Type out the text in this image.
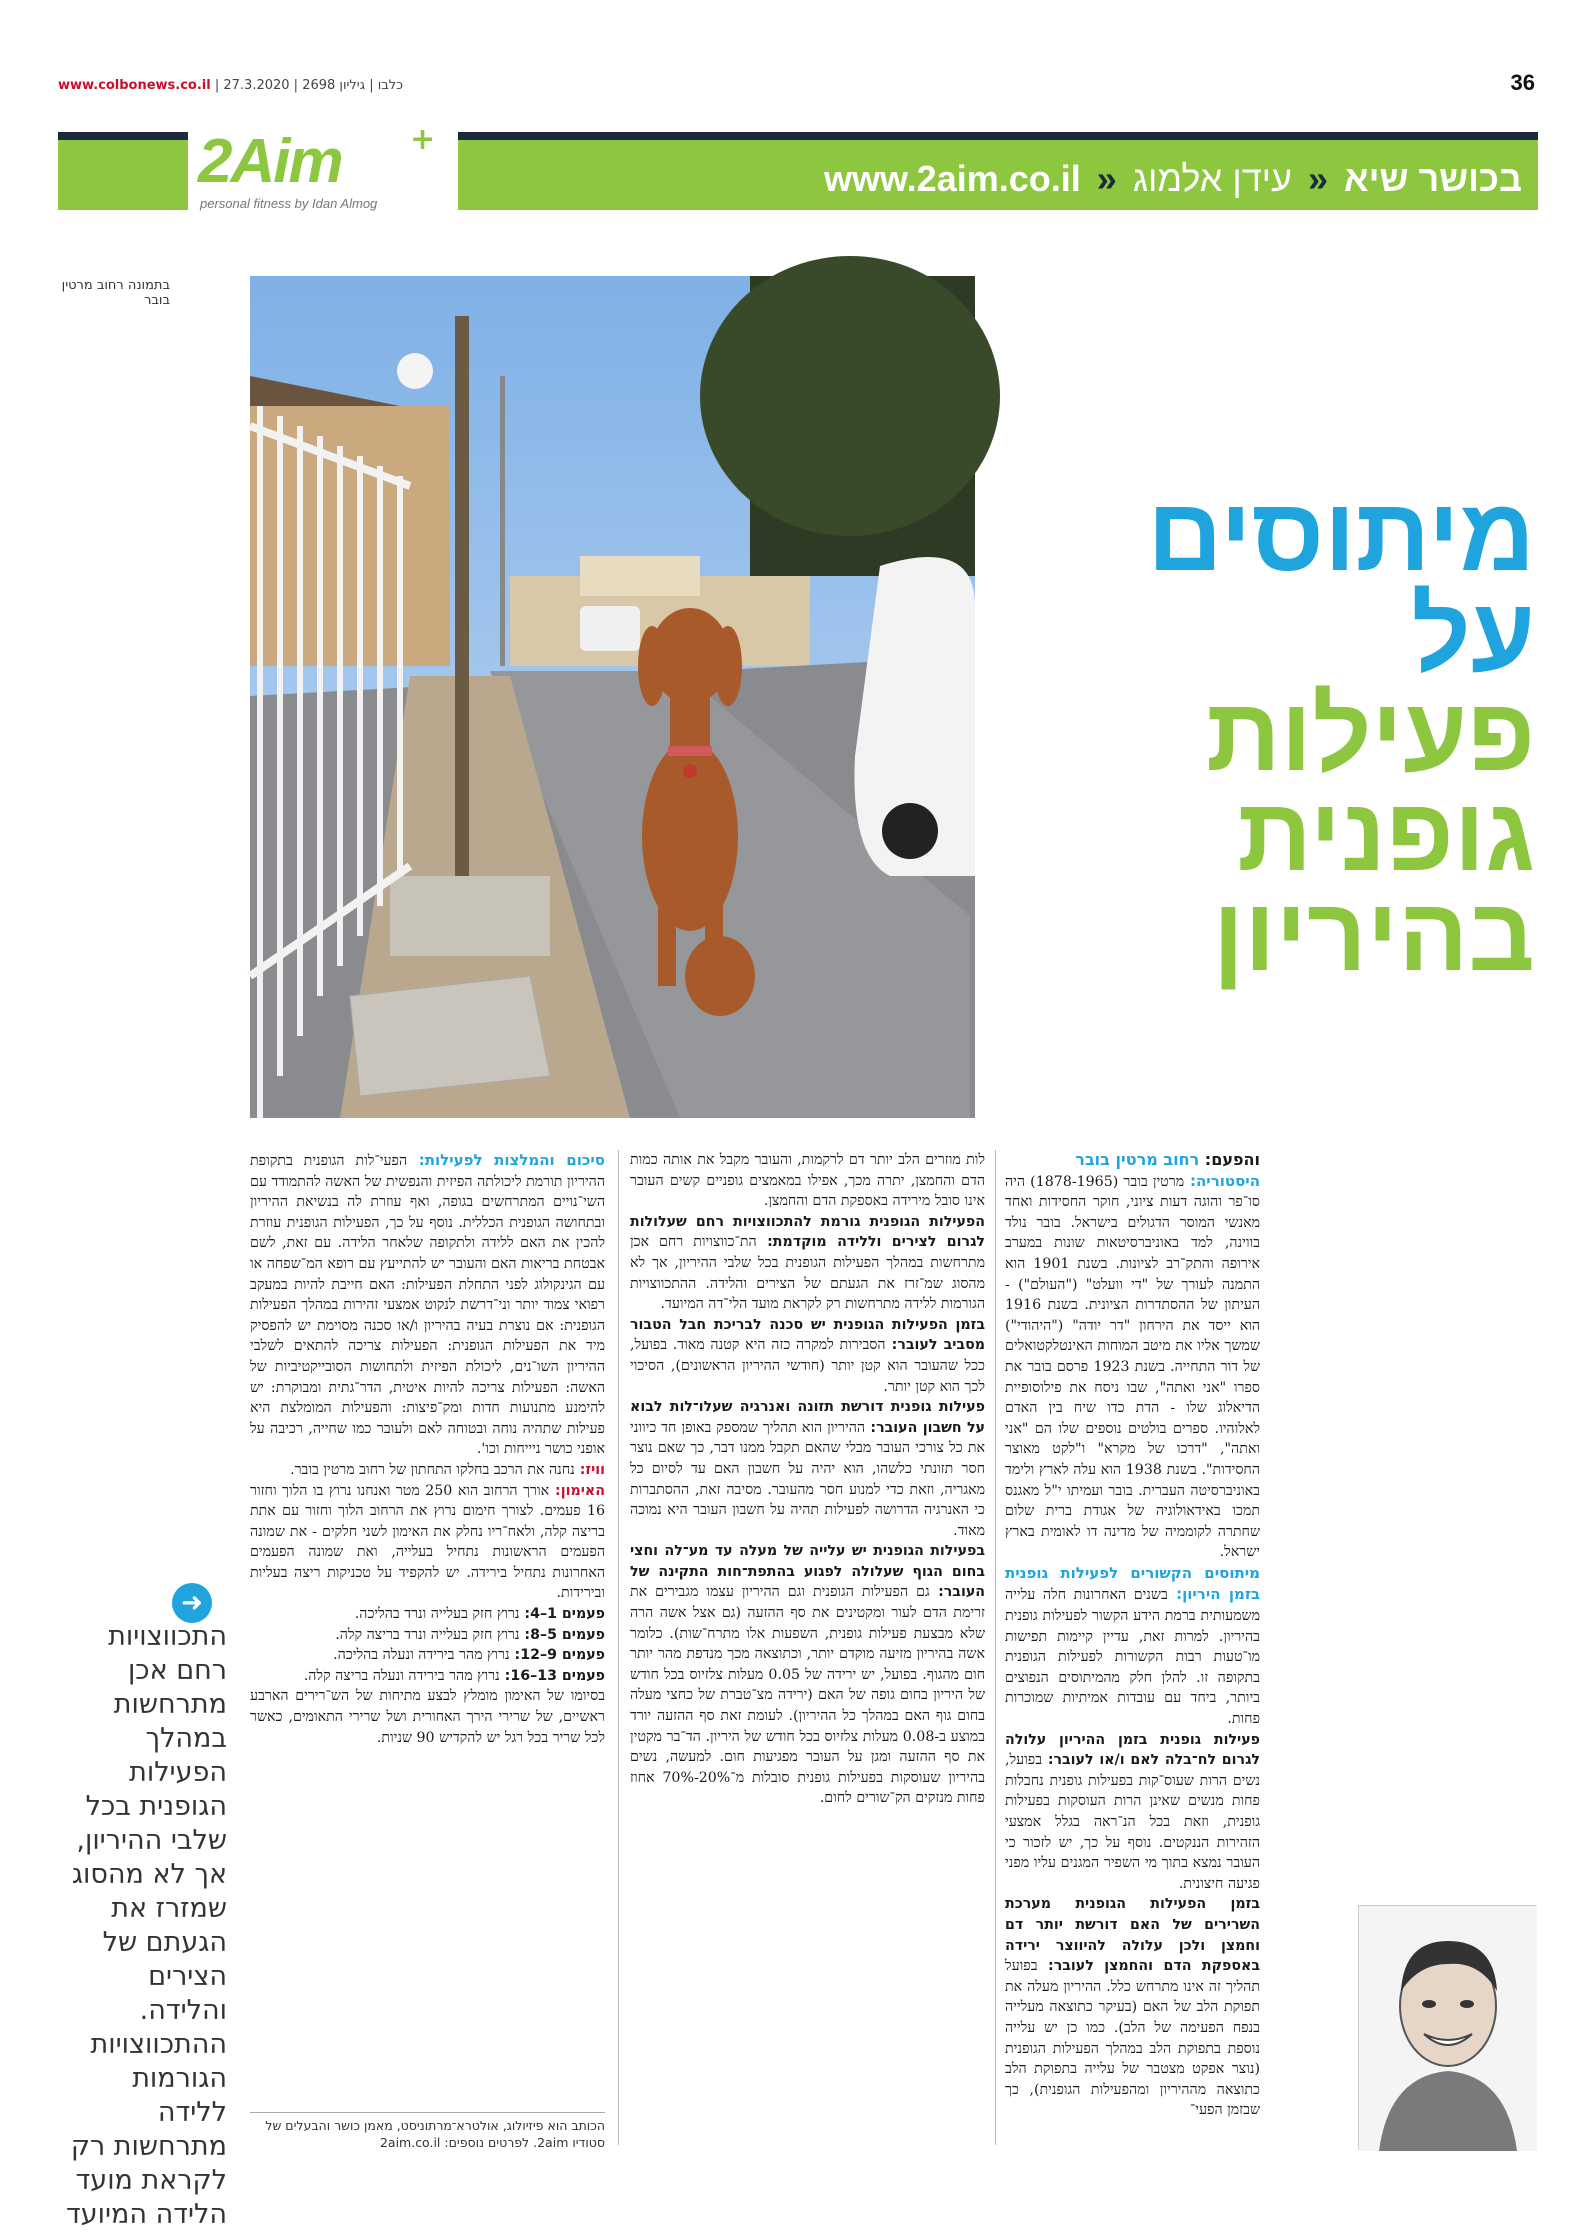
www.colbonews.co.il | כלבו | גיליון 2698 | 27.3.2020	36
בכושר שיא « עידן אלמוג « www.2aim.co.il
2Aim +
personal fitness by Idan Almog
בתמונה רחוב מרטין בובר
מיתוסים
על
פעילות
גופנית
בהיריון

והפעם: רחוב מרטין בובר

היסטוריה: מרטין בובר (1878-1965) היה סו־פר והוגה דעות ציוני, חוקר החסידות ואחד מאנשי המוסר הדגולים בישראל. בובר נולד בווינה, למד באוניברסיטאות שונות במערב אירופה והתק־רב לציונות. בשנת 1901 הוא התמנה לעורך של "די וועלט" ("העולם") - העיתון של ההסתדרות הציונית. בשנת 1916 הוא ייסד את הירחון "דר יודה" ("היהודי") שמשך אליו את מיטב המוחות האינטלקטואלים של דור התחייה. בשנת 1923 פרסם בובר את ספרו "אני ואתה", שבו ניסח את פילוסופיית הדיאלוג שלו - הדת כדו שיח בין האדם לאלוהיו. ספרים בולטים נוספים שלו הם "אני ואתה", "דרכו של מקרא" ו"לקט מאוצר החסידות". בשנת 1938 הוא עלה לארץ ולימד באוניברסיטה העברית. בובר ועמיתו י"ל מאגנס תמכו באידאולוגיה של אגודת ברית שלום שחתרה לקוממיה של מדינה דו לאומית בארץ ישראל.

מיתוסים הקשורים לפעילות גופנית בזמן היריון: בשנים האחרונות חלה עלייה משמעותית ברמת הידע הקשור לפעילות גופנית בהיריון. למרות זאת, עדיין קיימות תפישות מו־טעות רבות הקשורות לפעילות הגופנית בתקופה זו. להלן חלק מהמיתוסים הנפוצים ביותר, ביחד עם עובדות אמיתיות שמוכרות פחות.

פעילות גופנית בזמן ההיריון עלולה לגרום לח־בלה לאם ו/או לעובר: בפועל, נשים הרות שעוס־קות בפעילות גופנית נחבלות פחות מנשים שאינן הרות העוסקות בפעילות גופנית, וזאת בכל הנ־ראה בגלל אמצעי הזהירות הננקטים. נוסף על כך, יש לזכור כי העובר נמצא בתוך מי השפיר המגנים עליו מפני פגיעה חיצונית.

בזמן הפעילות הגופנית מערכת השרירים של האם דורשת יותר דם וחמצן ולכן עלולה להיווצר ירידה באספקת הדם והחמצן לעובר: בפועל תהליך זה אינו מתרחש כלל. ההיריון מעלה את תפוקת הלב של האם (בעיקר כתוצאה מעלייה בנפח הפעימה של הלב). כמו כן יש עלייה נוספת בתפוקת הלב במהלך הפעילות הגופנית (נוצר אפקט מצטבר של עלייה בתפוקת הלב כתוצאה מההיריון ומהפעילות הגופנית), כך שבזמן הפעי־

לות מוזרים הלב יותר דם לרקמות, והעובר מקבל את אותה כמות הדם והחמצן, יתרה מכך, אפילו במאמצים גופניים קשים העובר אינו סובל מירידה באספקת הדם והחמצן.

הפעילות הגופנית גורמת להתכווצויות רחם שעלולות לגרום לצירים וללידה מוקדמת: הת־כווצויות רחם אכן מתרחשות במהלך הפעילות הגופנית בכל שלבי ההיריון, אך לא מהסוג שמ־זרז את הגעתם של הצירים והלידה. ההתכווצויות הגורמות ללידה מתרחשות רק לקראת מועד הלי־דה המיועד.

בזמן הפעילות הגופנית יש סכנה לבריכת חבל הטבור מסביב לעובר: הסבירות למקרה כזה היא קטנה מאוד. בפועל, ככל שהעובר הוא קטן יותר (חודשי ההיריון הראשונים), הסיכוי לכך הוא קטן יותר.

פעילות גופנית דורשת תזונה ואנרגיה שעלו־לות לבוא על חשבון העובר: ההיריון הוא תהליך שמספק באופן חד כיווני את כל צורכי העובר מבלי שהאם תקבל ממנו דבר, כך שאם נוצר חסר תזונתי כלשהו, הוא יהיה על חשבון האם עד לסיום כל מאגריה, וזאת כדי למנוע חסר מהעובר. מסיבה זאת, ההסתברות כי האנרגיה הדרושה לפעילות תהיה על חשבון העובר היא נמוכה מאוד.

בפעילות הגופנית יש עלייה של מעלה עד מע־לה וחצי בחום הגוף שעלולה לפגוע בהתפת־חות התקינה של העובר: גם הפעילות הגופנית וגם ההיריון עצמו מגבירים את זרימת הדם לעור ומקטינים את סף ההזעה (גם אצל אשה הרה שלא מבצעת פעילות גופנית, השפעות אלו מתרח־שות). כלומר אשה בהיריון מזיעה מוקדם יותר, וכתוצאה מכך מנדפת מהר יותר חום מהגוף. בפועל, יש ירידה של 0.05 מעלות צלזיוס בכל חודש של היריון בחום גופה של האם (ירידה מצ־טברת של כחצי מעלה בחום גוף האם במהלך כל ההיריון). לעומת זאת סף ההזעה יורד במוצע ב-0.08 מעלות צלזיוס בכל חודש של היריון. הד־בר מקטין את סף ההזעה ומגן על העובר מפגיעות חום. למעשה, נשים בהיריון שעוסקות בפעילות גופנית סובלות מ־20%-70% אחוז פחות מנזקים הק־שורים לחום.

סיכום והמלצות לפעילות: הפעי־לות הגופנית בתקופת ההיריון תורמת ליכולתה הפיזית והנפשית של האשה להתמודד עם השי־נויים המתרחשים בגופה, ואף עוזרת לה בנשיאת ההיריון ובתחושה הגופנית הכללית. נוסף על כך, הפעילות הגופנית עוזרת להכין את האם ללידה ולתקופה שלאחר הלידה. עם זאת, לשם אבטחת בריאות האם והעובר יש להתייעץ עם רופא המ־שפחה או עם הגינקולוג לפני התחלת הפעילות: האם חייבת להיות במעקב רפואי צמוד יותר וני־דרשת לנקוט אמצעי זהירות במהלך הפעילות הגופנית: אם נוצרת בעיה בהיריון ו/או סכנה מסוימת יש להפסיק מיד את הפעילות הגופנית: הפעילות צריכה להתאים לשלבי ההיריון השו־נים, ליכולת הפיזית ולתחושות הסובייקטיביות של האשה: הפעילות צריכה להיות איטית, הדר־גתית ומבוקרת: יש להימנע מתנועות חדות ומק־פיצות: והפעילות המומלצת היא פעילות שתהיה נוחה ובטוחה לאם ולעובר כמו שחייה, רכיבה על אופני כושר ניייחות וכו'.

וויז: נחנה את הרכב בחלקו התחתון של רחוב מרטין בובר.

האימון: אורך הרחוב הוא 250 מטר ואנחנו נרוץ בו הלוך וחזור 16 פעמים. לצורך חימום נרוץ את הרחוב הלוך וחזור עם אתת בריצה קלה, ולאח־ריו נחלק את האימון לשני חלקים - את שמונה הפעמים הראשונות נתחיל בעלייה, ואת שמונה הפעמים האחרונות נתחיל בירידה. יש להקפיד על טכניקות ריצה בעליות ובירידות.

פעמים 1–4: נרוץ חזק בעלייה ונרד בהליכה.

פעמים 5–8: נרוץ חזק בעלייה ונרד בריצה קלה.

פעמים 9–12: נרוץ מהר בירידה ונעלה בהליכה.

פעמים 13–16: נרוץ מהר בירידה ונעלה בריצה קלה.

בסיומו של האימון מומלץ לבצע מתיחות של הש־רירים הארבע ראשיים, של שרירי הירך האחורית ושל שרירי התאומים, כאשר לכל שריר בכל רגל יש להקדיש 90 שניות.

➜
התכווצויות רחם אכן מתרחשות במהלך הפעילות הגופנית בכל שלבי ההיריון, אך לא מהסוג שמזרז את הגעתם של הצירים והלידה. ההתכווצויות הגורמות ללידה מתרחשות רק לקראת מועד הלידה המיועד
הכותב הוא פיזיולוג, אולטרא־מרתוניסט, מאמן כושר והבעלים של סטודיו 2aim. לפרטים נוספים: 2aim.co.il
